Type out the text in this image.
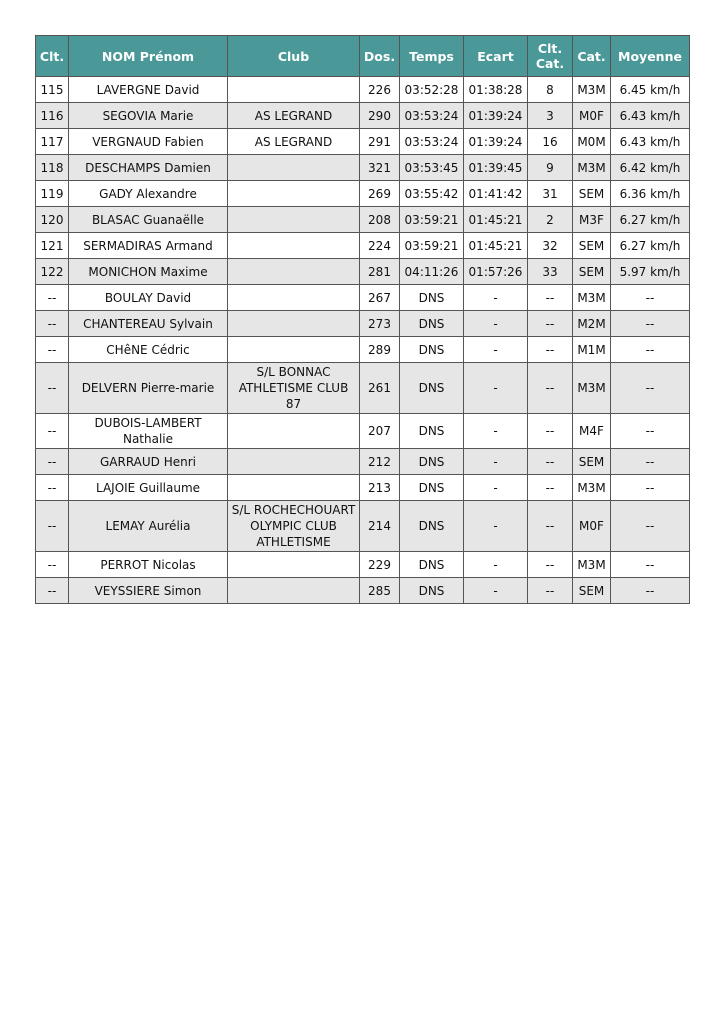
Clt.	NOM Prénom	Club	Dos.	Temps	Ecart	Clt. Cat.	Cat.	Moyenne
115	LAVERGNE David		226	03:52:28	01:38:28	8	M3M	6.45 km/h
116	SEGOVIA Marie	AS LEGRAND	290	03:53:24	01:39:24	3	M0F	6.43 km/h
117	VERGNAUD Fabien	AS LEGRAND	291	03:53:24	01:39:24	16	M0M	6.43 km/h
118	DESCHAMPS Damien		321	03:53:45	01:39:45	9	M3M	6.42 km/h
119	GADY Alexandre		269	03:55:42	01:41:42	31	SEM	6.36 km/h
120	BLASAC Guanaëlle		208	03:59:21	01:45:21	2	M3F	6.27 km/h
121	SERMADIRAS Armand		224	03:59:21	01:45:21	32	SEM	6.27 km/h
122	MONICHON Maxime		281	04:11:26	01:57:26	33	SEM	5.97 km/h
--	BOULAY David		267	DNS	-	--	M3M	--
--	CHANTEREAU Sylvain		273	DNS	-	--	M2M	--
--	CHêNE Cédric		289	DNS	-	--	M1M	--
--	DELVERN Pierre-marie	S/L BONNAC ATHLETISME CLUB 87	261	DNS	-	--	M3M	--
--	DUBOIS-LAMBERT Nathalie		207	DNS	-	--	M4F	--
--	GARRAUD Henri		212	DNS	-	--	SEM	--
--	LAJOIE Guillaume		213	DNS	-	--	M3M	--
--	LEMAY Aurélia	S/L ROCHECHOUART OLYMPIC CLUB ATHLETISME	214	DNS	-	--	M0F	--
--	PERROT Nicolas		229	DNS	-	--	M3M	--
--	VEYSSIERE Simon		285	DNS	-	--	SEM	--
